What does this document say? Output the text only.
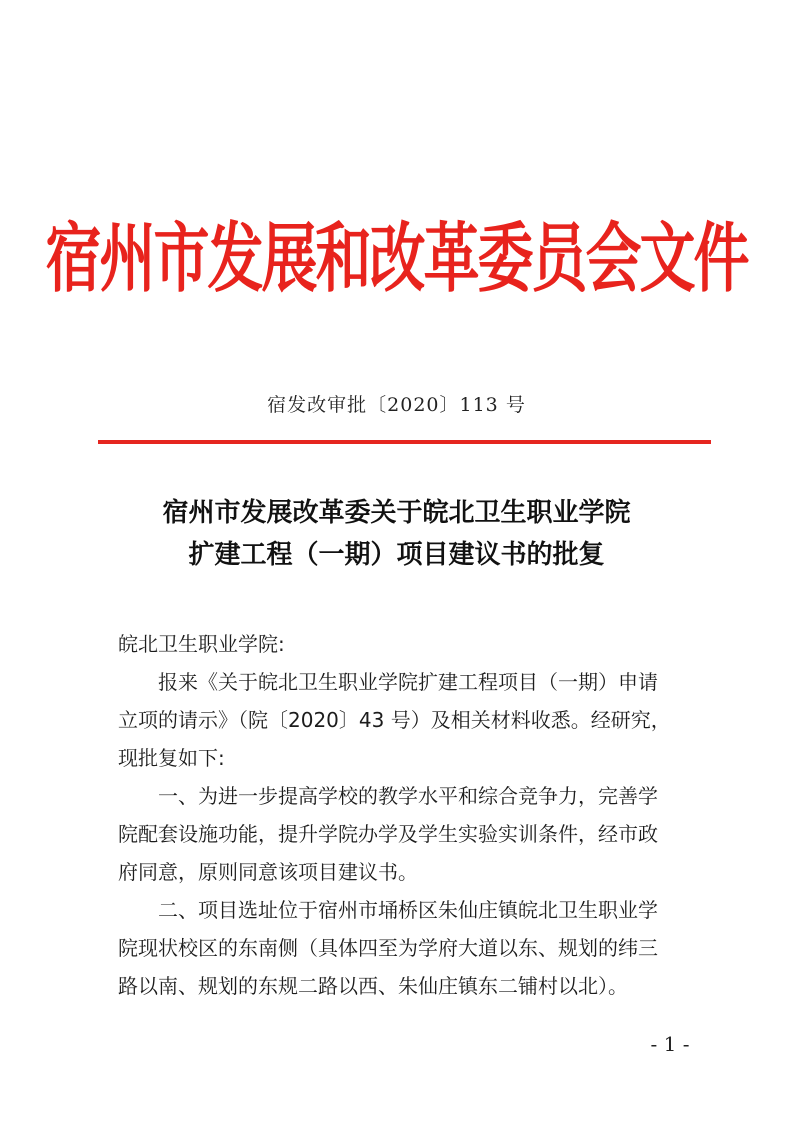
宿州市发展和改革委员会文件
宿发改审批〔2020〕113 号
宿州市发展改革委关于皖北卫生职业学院
扩建工程（一期）项目建议书的批复
皖北卫生职业学院:
报来《关于皖北卫生职业学院扩建工程项目（一期）申请
立项的请示》（院〔2020〕43 号）及相关材料收悉。经研究，
现批复如下:
一、为进一步提高学校的教学水平和综合竞争力，完善学
院配套设施功能，提升学院办学及学生实验实训条件，经市政
府同意，原则同意该项目建议书。
二、项目选址位于宿州市埇桥区朱仙庄镇皖北卫生职业学
院现状校区的东南侧（具体四至为学府大道以东、规划的纬三
路以南、规划的东规二路以西、朱仙庄镇东二铺村以北）。
- 1 -
